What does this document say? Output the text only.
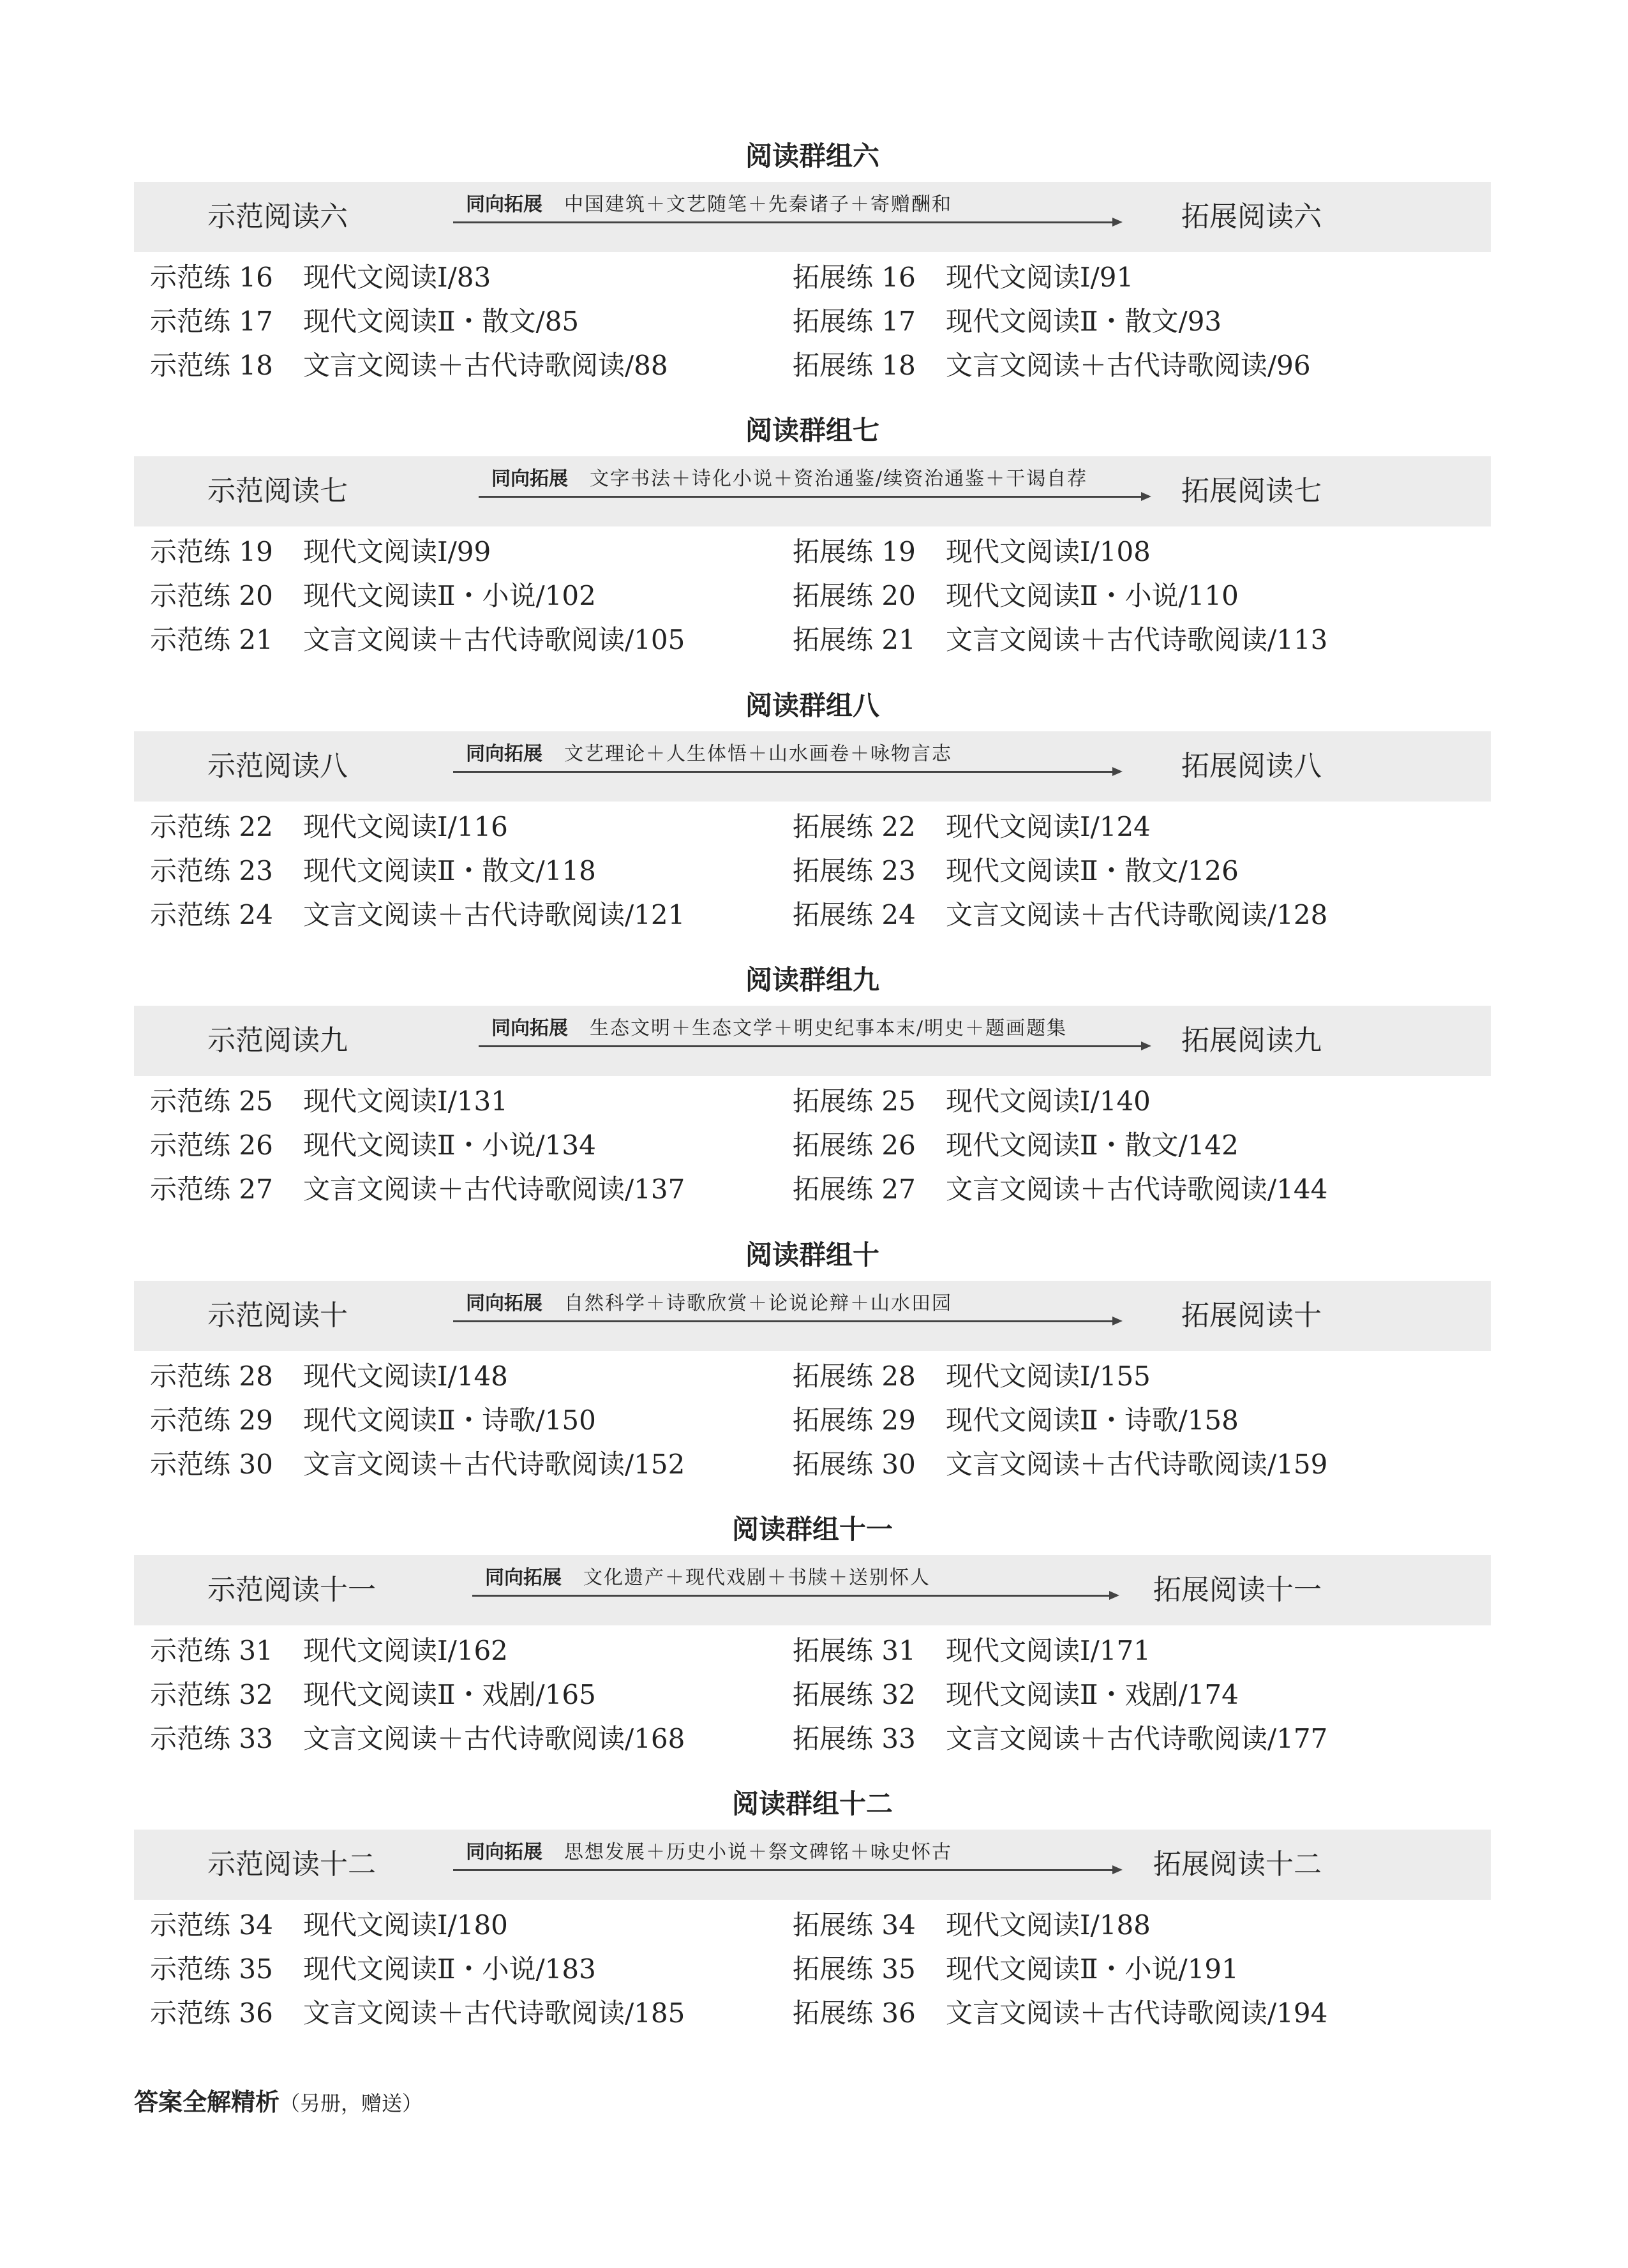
阅读群组六
示范阅读六	同向拓展 中国建筑＋文艺随笔＋先秦诸子＋寄赠酬和	拓展阅读六
示范练 16 现代文阅读Ⅰ/83	拓展练 16 现代文阅读Ⅰ/91
示范练 17 现代文阅读Ⅱ・散文/85	拓展练 17 现代文阅读Ⅱ・散文/93
示范练 18 文言文阅读＋古代诗歌阅读/88	拓展练 18 文言文阅读＋古代诗歌阅读/96
阅读群组七
示范阅读七	同向拓展 文字书法＋诗化小说＋资治通鉴/续资治通鉴＋干谒自荐	拓展阅读七
示范练 19 现代文阅读Ⅰ/99	拓展练 19 现代文阅读Ⅰ/108
示范练 20 现代文阅读Ⅱ・小说/102	拓展练 20 现代文阅读Ⅱ・小说/110
示范练 21 文言文阅读＋古代诗歌阅读/105	拓展练 21 文言文阅读＋古代诗歌阅读/113
阅读群组八
示范阅读八	同向拓展 文艺理论＋人生体悟＋山水画卷＋咏物言志	拓展阅读八
示范练 22 现代文阅读Ⅰ/116	拓展练 22 现代文阅读Ⅰ/124
示范练 23 现代文阅读Ⅱ・散文/118	拓展练 23 现代文阅读Ⅱ・散文/126
示范练 24 文言文阅读＋古代诗歌阅读/121	拓展练 24 文言文阅读＋古代诗歌阅读/128
阅读群组九
示范阅读九	同向拓展 生态文明＋生态文学＋明史纪事本末/明史＋题画题集	拓展阅读九
示范练 25 现代文阅读Ⅰ/131	拓展练 25 现代文阅读Ⅰ/140
示范练 26 现代文阅读Ⅱ・小说/134	拓展练 26 现代文阅读Ⅱ・散文/142
示范练 27 文言文阅读＋古代诗歌阅读/137	拓展练 27 文言文阅读＋古代诗歌阅读/144
阅读群组十
示范阅读十	同向拓展 自然科学＋诗歌欣赏＋论说论辩＋山水田园	拓展阅读十
示范练 28 现代文阅读Ⅰ/148	拓展练 28 现代文阅读Ⅰ/155
示范练 29 现代文阅读Ⅱ・诗歌/150	拓展练 29 现代文阅读Ⅱ・诗歌/158
示范练 30 文言文阅读＋古代诗歌阅读/152	拓展练 30 文言文阅读＋古代诗歌阅读/159
阅读群组十一
示范阅读十一	同向拓展 文化遗产＋现代戏剧＋书牍＋送别怀人	拓展阅读十一
示范练 31 现代文阅读Ⅰ/162	拓展练 31 现代文阅读Ⅰ/171
示范练 32 现代文阅读Ⅱ・戏剧/165	拓展练 32 现代文阅读Ⅱ・戏剧/174
示范练 33 文言文阅读＋古代诗歌阅读/168	拓展练 33 文言文阅读＋古代诗歌阅读/177
阅读群组十二
示范阅读十二	同向拓展 思想发展＋历史小说＋祭文碑铭＋咏史怀古	拓展阅读十二
示范练 34 现代文阅读Ⅰ/180	拓展练 34 现代文阅读Ⅰ/188
示范练 35 现代文阅读Ⅱ・小说/183	拓展练 35 现代文阅读Ⅱ・小说/191
示范练 36 文言文阅读＋古代诗歌阅读/185	拓展练 36 文言文阅读＋古代诗歌阅读/194
答案全解精析（另册，赠送）
